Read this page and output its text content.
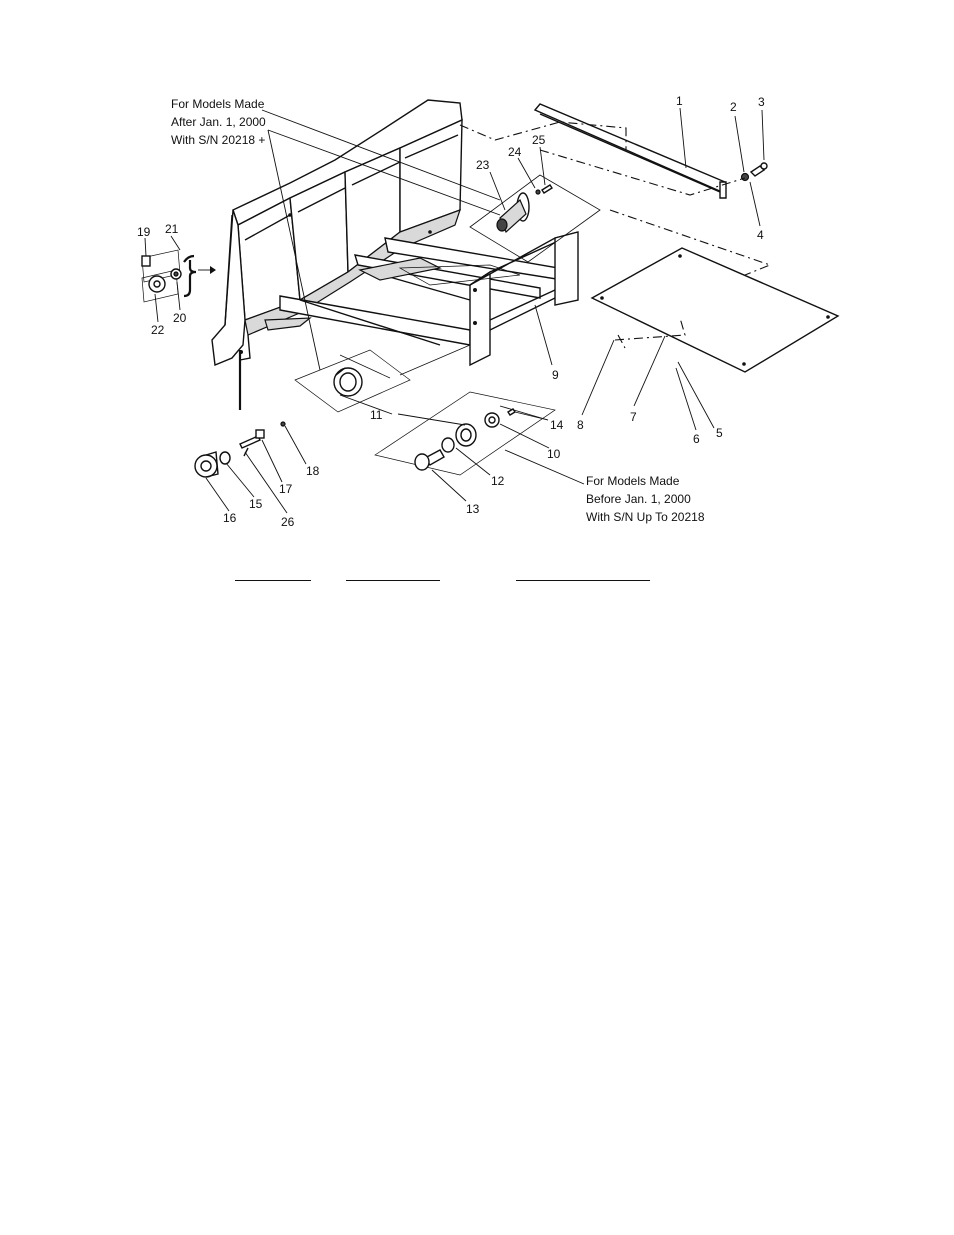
For Models Made
After Jan. 1, 2000
With S/N 20218 +
For Models Made
Before Jan. 1, 2000
With S/N Up To 20218
1	2 3
4
5
6
7
8
9
10
11
12
13
14
15
16
17
18
19
20
21
22
23
24
25
26
